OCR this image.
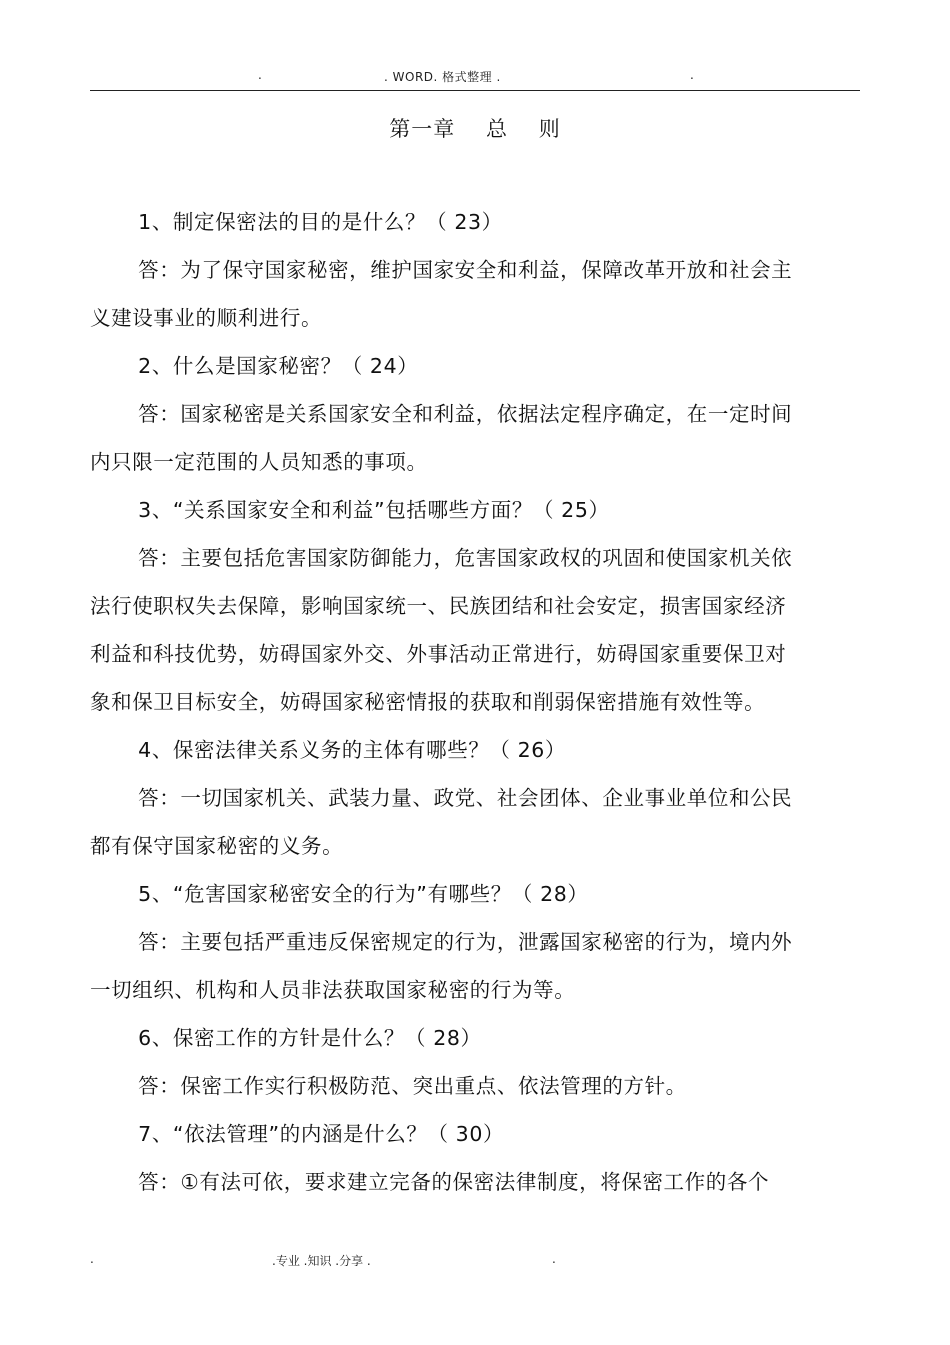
.	. WORD. 格式整理 .	.
第一章    总    则

1、制定保密法的目的是什么？（ 23）

答：为了保守国家秘密，维护国家安全和利益，保障改革开放和社会主义建设事业的顺利进行。

2、什么是国家秘密？（ 24）

答：国家秘密是关系国家安全和利益，依据法定程序确定，在一定时间内只限一定范围的人员知悉的事项。

3、“关系国家安全和利益”包括哪些方面？（ 25）

答：主要包括危害国家防御能力，危害国家政权的巩固和使国家机关依法行使职权失去保障，影响国家统一、民族团结和社会安定，损害国家经济利益和科技优势，妨碍国家外交、外事活动正常进行，妨碍国家重要保卫对象和保卫目标安全，妨碍国家秘密情报的获取和削弱保密措施有效性等。

4、保密法律关系义务的主体有哪些？（ 26）

答：一切国家机关、武装力量、政党、社会团体、企业事业单位和公民都有保守国家秘密的义务。

5、“危害国家秘密安全的行为”有哪些？（ 28）

答：主要包括严重违反保密规定的行为，泄露国家秘密的行为，境内外一切组织、机构和人员非法获取国家秘密的行为等。

6、保密工作的方针是什么？（ 28）

答：保密工作实行积极防范、突出重点、依法管理的方针。

7、“依法管理”的内涵是什么？（ 30）

答：①有法可依，要求建立完备的保密法律制度，将保密工作的各个

.	.专业 .知识 .分享 .	.
